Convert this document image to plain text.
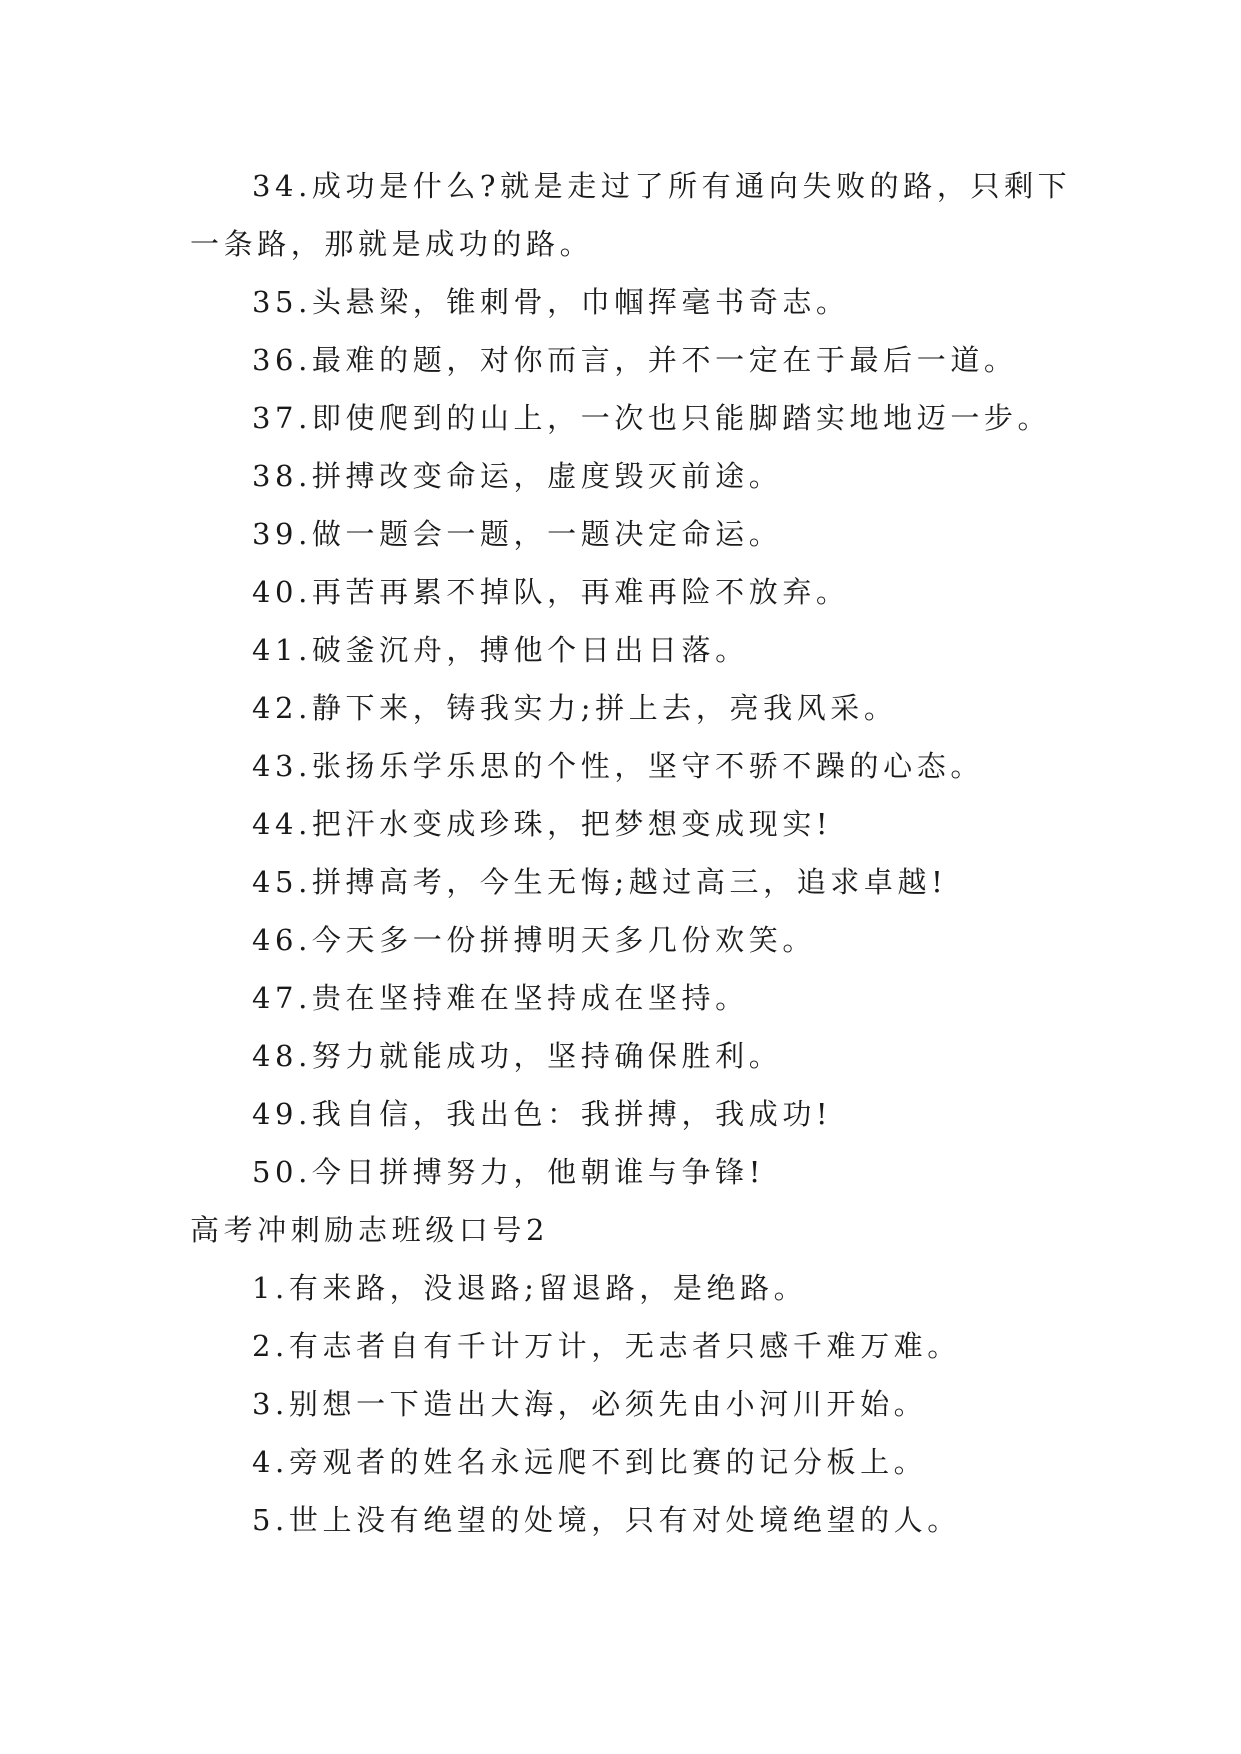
34.成功是什么?就是走过了所有通向失败的路，只剩下
一条路，那就是成功的路。
35.头悬梁，锥刺骨，巾帼挥毫书奇志。
36.最难的题，对你而言，并不一定在于最后一道。
37.即使爬到的山上，一次也只能脚踏实地地迈一步。
38.拼搏改变命运，虚度毁灭前途。
39.做一题会一题，一题决定命运。
40.再苦再累不掉队，再难再险不放弃。
41.破釜沉舟，搏他个日出日落。
42.静下来，铸我实力;拼上去，亮我风采。
43.张扬乐学乐思的个性，坚守不骄不躁的心态。
44.把汗水变成珍珠，把梦想变成现实!
45.拼搏高考，今生无悔;越过高三，追求卓越!
46.今天多一份拼搏明天多几份欢笑。
47.贵在坚持难在坚持成在坚持。
48.努力就能成功，坚持确保胜利。
49.我自信，我出色：我拼搏，我成功!
50.今日拼搏努力，他朝谁与争锋!
高考冲刺励志班级口号2
1.有来路，没退路;留退路，是绝路。
2.有志者自有千计万计，无志者只感千难万难。
3.别想一下造出大海，必须先由小河川开始。
4.旁观者的姓名永远爬不到比赛的记分板上。
5.世上没有绝望的处境，只有对处境绝望的人。
